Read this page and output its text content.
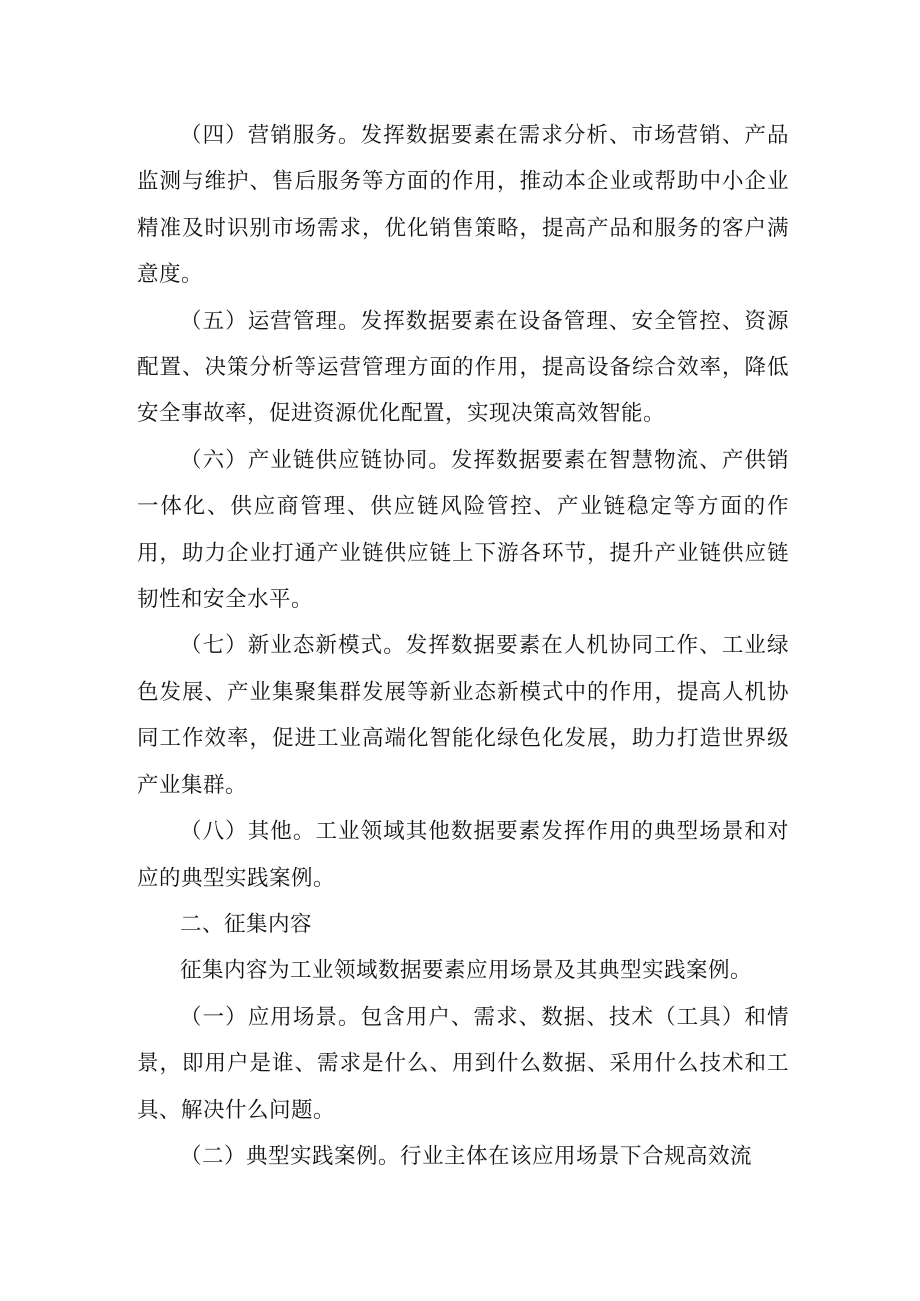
（四）营销服务。发挥数据要素在需求分析、市场营销、产品监测与维护、售后服务等方面的作用，推动本企业或帮助中小企业精准及时识别市场需求，优化销售策略，提高产品和服务的客户满意度。

（五）运营管理。发挥数据要素在设备管理、安全管控、资源配置、决策分析等运营管理方面的作用，提高设备综合效率，降低安全事故率，促进资源优化配置，实现决策高效智能。

（六）产业链供应链协同。发挥数据要素在智慧物流、产供销一体化、供应商管理、供应链风险管控、产业链稳定等方面的作用，助力企业打通产业链供应链上下游各环节，提升产业链供应链韧性和安全水平。

（七）新业态新模式。发挥数据要素在人机协同工作、工业绿色发展、产业集聚集群发展等新业态新模式中的作用，提高人机协同工作效率，促进工业高端化智能化绿色化发展，助力打造世界级产业集群。

（八）其他。工业领域其他数据要素发挥作用的典型场景和对应的典型实践案例。

二、征集内容

征集内容为工业领域数据要素应用场景及其典型实践案例。

（一）应用场景。包含用户、需求、数据、技术（工具）和情景，即用户是谁、需求是什么、用到什么数据、采用什么技术和工具、解决什么问题。

（二）典型实践案例。行业主体在该应用场景下合规高效流
